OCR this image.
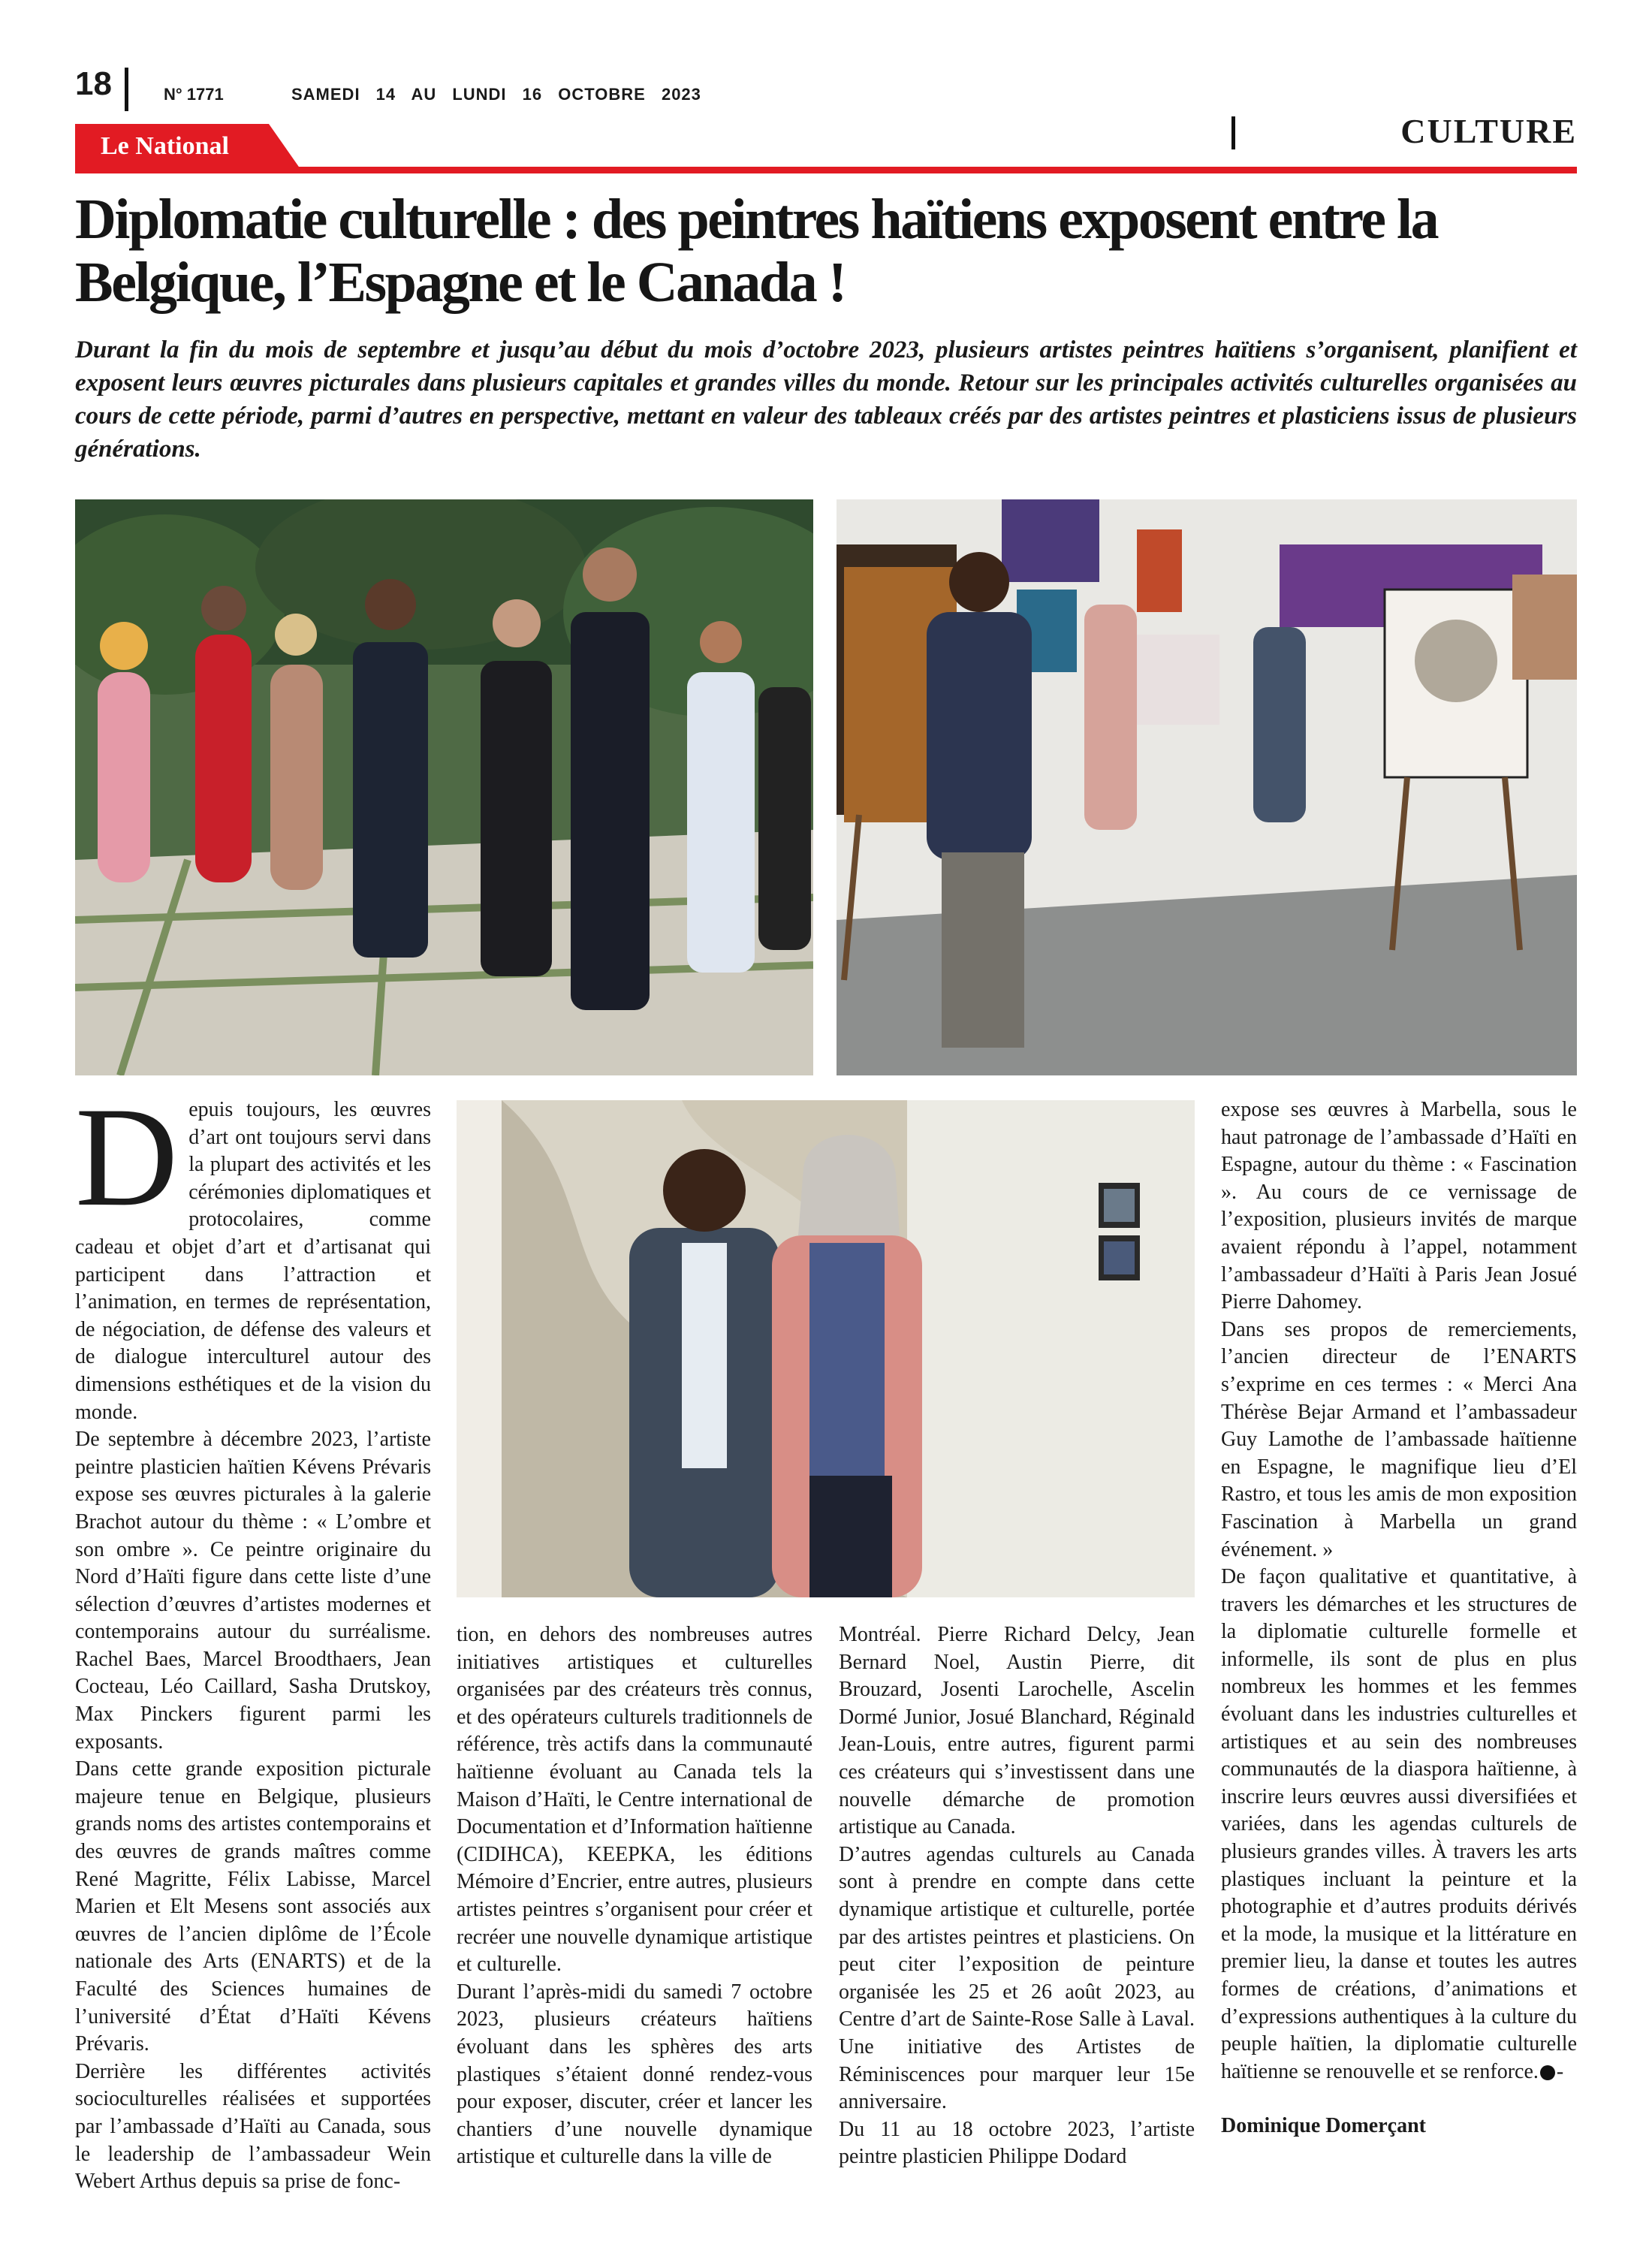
18	N° 1771	SAMEDI 14 AU LUNDI 16 OCTOBRE 2023
CULTURE
Le National
Diplomatie culturelle : des peintres haïtiens exposent entre la Belgique, l’Espagne et le Canada !
Durant la fin du mois de septembre et jusqu’au début du mois d’octobre 2023, plusieurs artistes peintres haïtiens s’organisent, planifient et exposent leurs œuvres picturales dans plusieurs capitales et grandes villes du monde. Retour sur les principales activités culturelles organisées au cours de cette période, parmi d’autres en perspective, mettant en valeur des tableaux créés par des artistes peintres et plasticiens issus de plusieurs générations.

Depuis toujours, les œuvres d’art ont toujours servi dans la plupart des activités et les cérémonies diplomatiques et protocolaires, comme cadeau et objet d’art et d’artisanat qui participent dans l’attraction et l’animation, en termes de représentation, de négociation, de défense des valeurs et de dialogue interculturel autour des dimensions esthétiques et de la vision du monde.

De septembre à décembre 2023, l’artiste peintre plasticien haïtien Kévens Prévaris expose ses œuvres picturales à la galerie Brachot autour du thème : « L’ombre et son ombre ». Ce peintre originaire du Nord d’Haïti figure dans cette liste d’une sélection d’œuvres d’artistes modernes et contemporains autour du surréalisme. Rachel Baes, Marcel Broodthaers, Jean Cocteau, Léo Caillard, Sasha Drutskoy, Max Pinckers figurent parmi les exposants.

Dans cette grande exposition picturale majeure tenue en Belgique, plusieurs grands noms des artistes contemporains et des œuvres de grands maîtres comme René Magritte, Félix Labisse, Marcel Marien et Elt Mesens sont associés aux œuvres de l’ancien diplôme de l’École nationale des Arts (ENARTS) et de la Faculté des Sciences humaines de l’université d’État d’Haïti Kévens Prévaris.

Derrière les différentes activités socioculturelles réalisées et supportées par l’ambassade d’Haïti au Canada, sous le leadership de l’ambassadeur Wein Webert Arthus depuis sa prise de fonc-

tion, en dehors des nombreuses autres initiatives artistiques et culturelles organisées par des créateurs très connus, et des opérateurs culturels traditionnels de référence, très actifs dans la communauté haïtienne évoluant au Canada tels la Maison d’Haïti, le Centre international de Documentation et d’Information haïtienne (CIDIHCA), KEEPKA, les éditions Mémoire d’Encrier, entre autres, plusieurs artistes peintres s’organisent pour créer et recréer une nouvelle dynamique artistique et culturelle.

Durant l’après-midi du samedi 7 octobre 2023, plusieurs créateurs haïtiens évoluant dans les sphères des arts plastiques s’étaient donné rendez-vous pour exposer, discuter, créer et lancer les chantiers d’une nouvelle dynamique artistique et culturelle dans la ville de

Montréal. Pierre Richard Delcy, Jean Bernard Noel, Austin Pierre, dit Brouzard, Josenti Larochelle, Ascelin Dormé Junior, Josué Blanchard, Réginald Jean-Louis, entre autres, figurent parmi ces créateurs qui s’investissent dans une nouvelle démarche de promotion artistique au Canada.

D’autres agendas culturels au Canada sont à prendre en compte dans cette dynamique artistique et culturelle, portée par des artistes peintres et plasticiens. On peut citer l’exposition de peinture organisée les 25 et 26 août 2023, au Centre d’art de Sainte-Rose Salle à Laval. Une initiative des Artistes de Réminiscences pour marquer leur 15e anniversaire.

Du 11 au 18 octobre 2023, l’artiste peintre plasticien Philippe Dodard

expose ses œuvres à Marbella, sous le haut patronage de l’ambassade d’Haïti en Espagne, autour du thème : « Fascination ». Au cours de ce vernissage de l’exposition, plusieurs invités de marque avaient répondu à l’appel, notamment l’ambassadeur d’Haïti à Paris Jean Josué Pierre Dahomey.

Dans ses propos de remerciements, l’ancien directeur de l’ENARTS s’exprime en ces termes : « Merci Ana Thérèse Bejar Armand et l’ambassadeur Guy Lamothe de l’ambassade haïtienne en Espagne, le magnifique lieu d’El Rastro, et tous les amis de mon exposition Fascination à Marbella un grand événement. »

De façon qualitative et quantitative, à travers les démarches et les structures de la diplomatie culturelle formelle et informelle, ils sont de plus en plus nombreux les hommes et les femmes évoluant dans les industries culturelles et artistiques et au sein des nombreuses communautés de la diaspora haïtienne, à inscrire leurs œuvres aussi diversifiées et variées, dans les agendas culturels de plusieurs grandes villes. À travers les arts plastiques incluant la peinture et la photographie et d’autres produits dérivés et la mode, la musique et la littérature en premier lieu, la danse et toutes les autres formes de créations, d’animations et d’expressions authentiques à la culture du peuple haïtien, la diplomatie culturelle haïtienne se renouvelle et se renforce. -

Dominique Domerçant
